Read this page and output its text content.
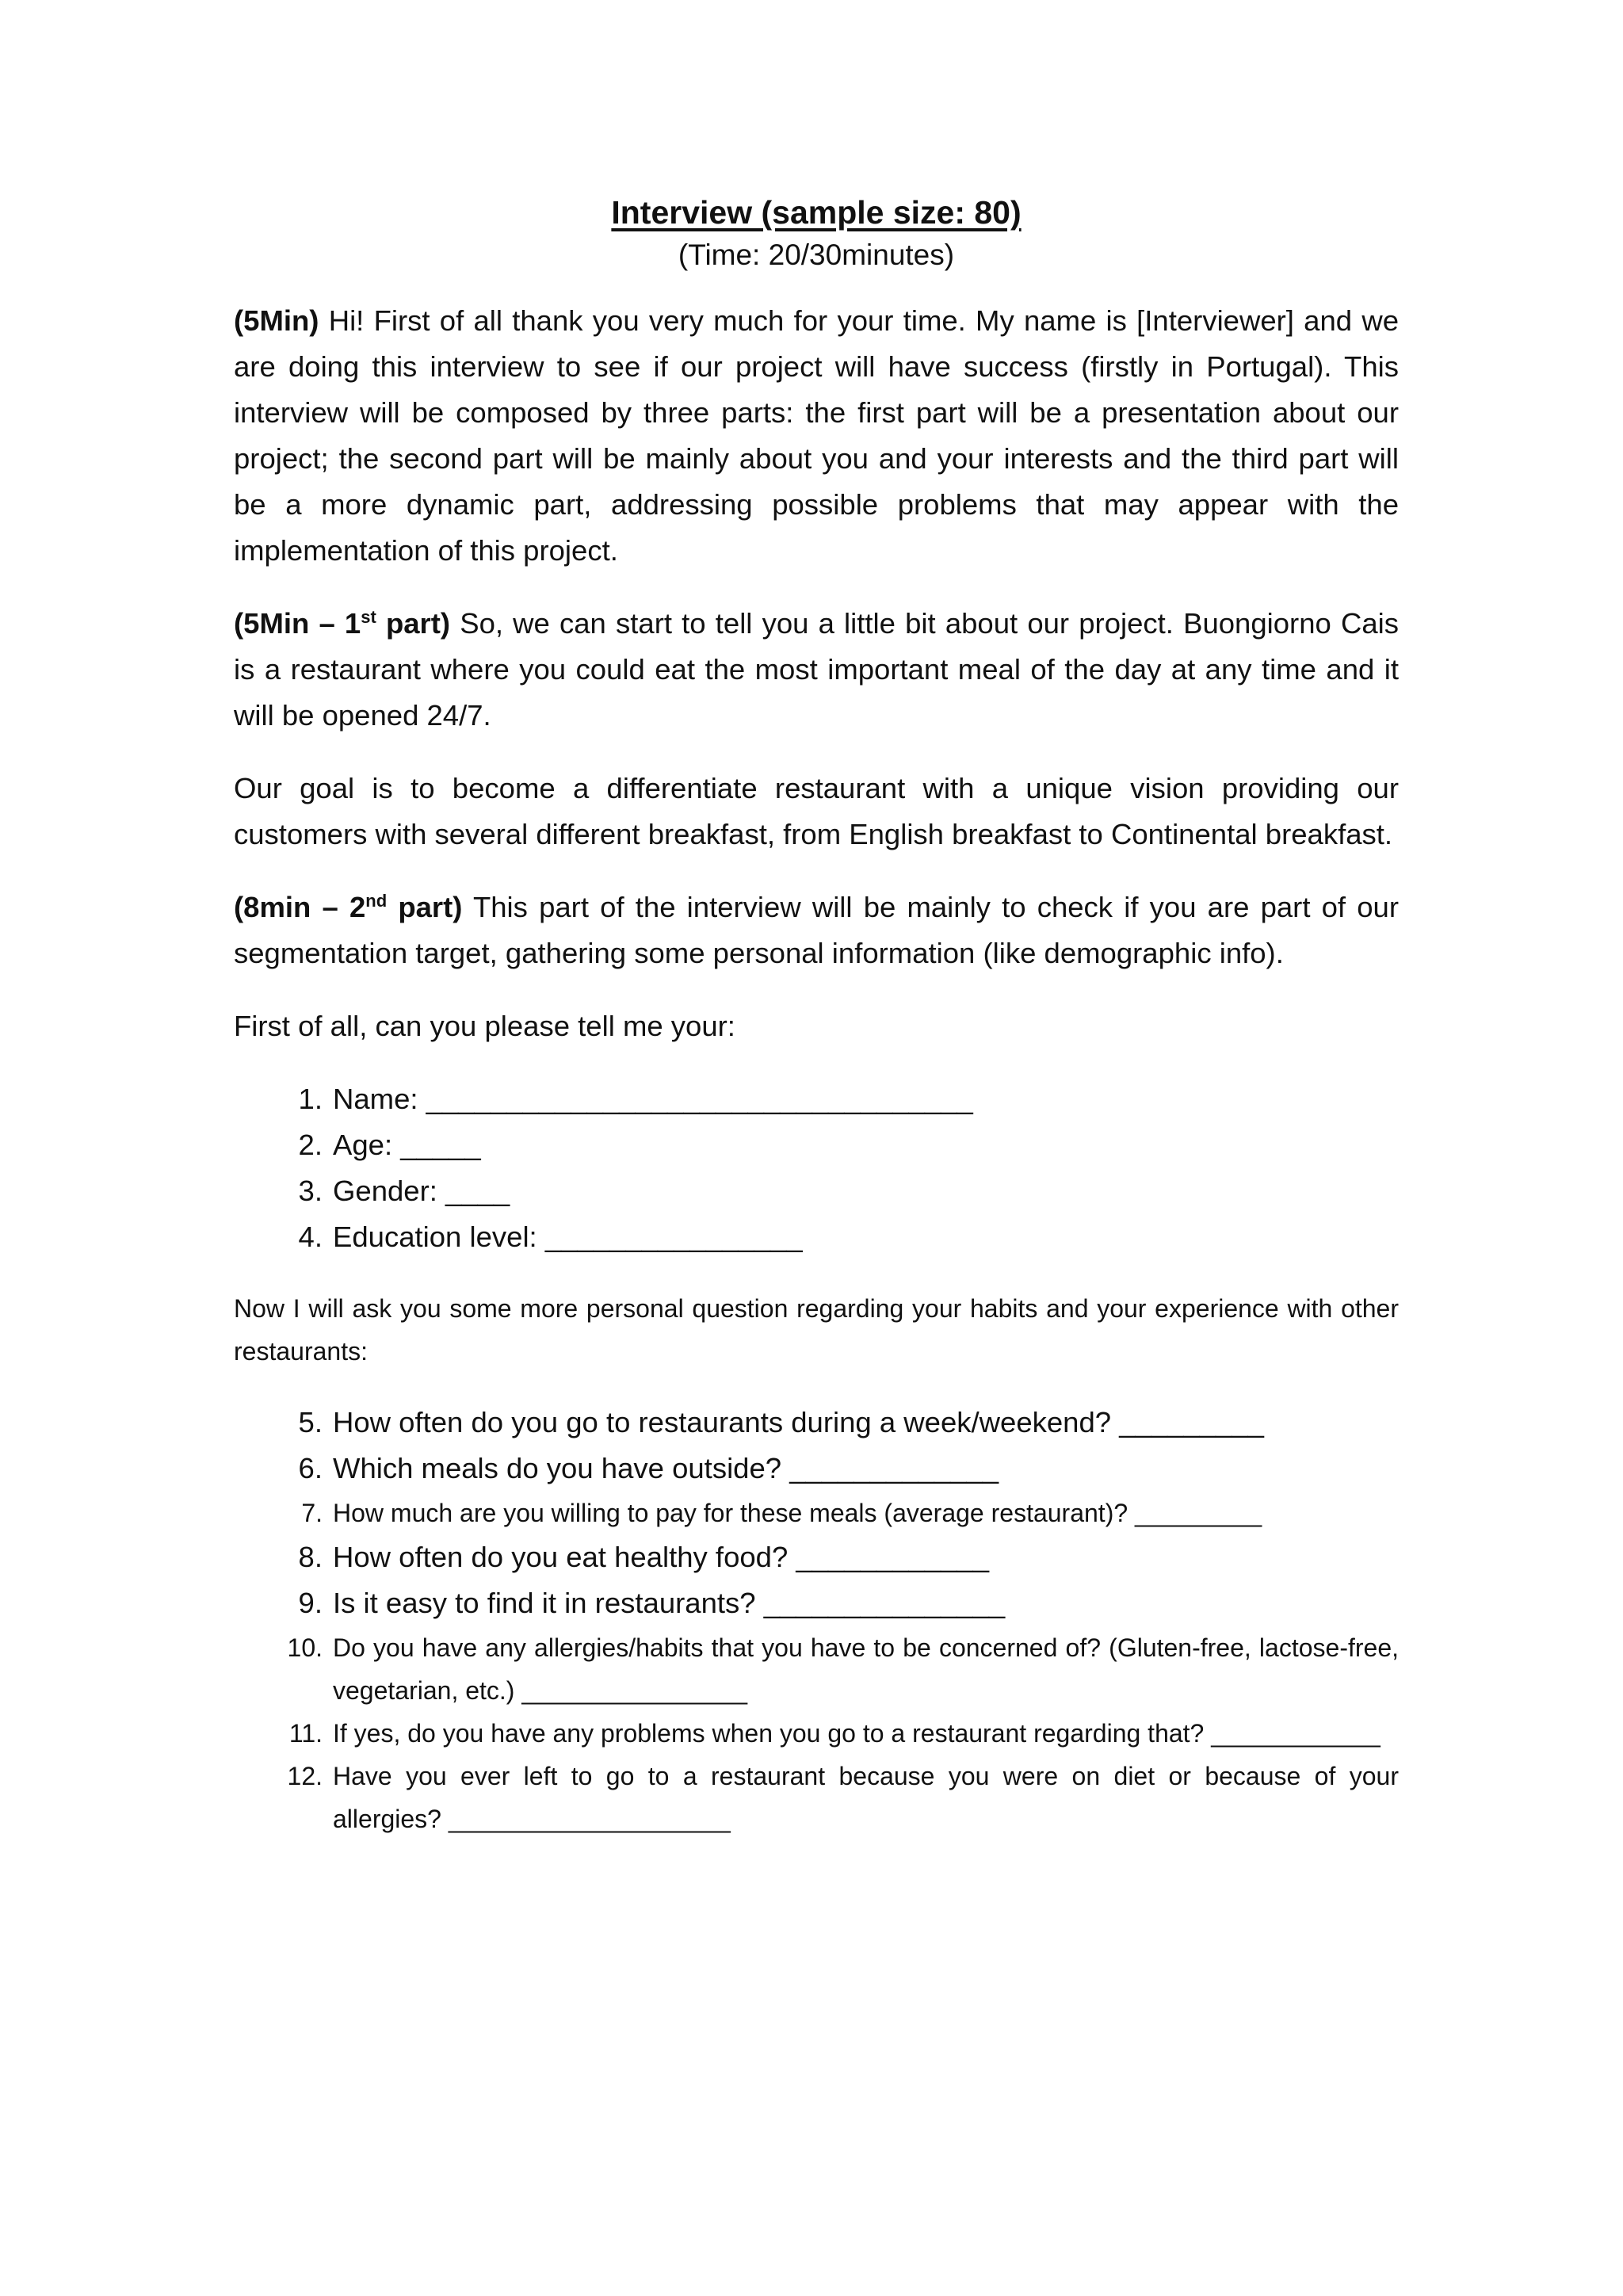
Interview (sample size: 80)
(Time: 20/30minutes)

(5Min) Hi! First of all thank you very much for your time. My name is [Interviewer] and we are doing this interview to see if our project will have success (firstly in Portugal). This interview will be composed by three parts: the first part will be a presentation about our project; the second part will be mainly about you and your interests and the third part will be a more dynamic part, addressing possible problems that may appear with the implementation of this project.

(5Min – 1st part) So, we can start to tell you a little bit about our project. Buongiorno Cais is a restaurant where you could eat the most important meal of the day at any time and it will be opened 24/7.

Our goal is to become a differentiate restaurant with a unique vision providing our customers with several different breakfast, from English breakfast to Continental breakfast.

(8min – 2nd part) This part of the interview will be mainly to check if you are part of our segmentation target, gathering some personal information (like demographic info).

First of all, can you please tell me your:

1. Name: __________________________________
2. Age: _____
3. Gender: ____
4. Education level: ________________

Now I will ask you some more personal question regarding your habits and your experience with other restaurants:

5. How often do you go to restaurants during a week/weekend? _________
6. Which meals do you have outside? _____________
7. How much are you willing to pay for these meals (average restaurant)? _________
8. How often do you eat healthy food? ____________
9. Is it easy to find it in restaurants? _______________
10. Do you have any allergies/habits that you have to be concerned of? (Gluten-free, lactose-free, vegetarian, etc.) ________________
11. If yes, do you have any problems when you go to a restaurant regarding that? ____________
12. Have you ever left to go to a restaurant because you were on diet or because of your allergies? ____________________
